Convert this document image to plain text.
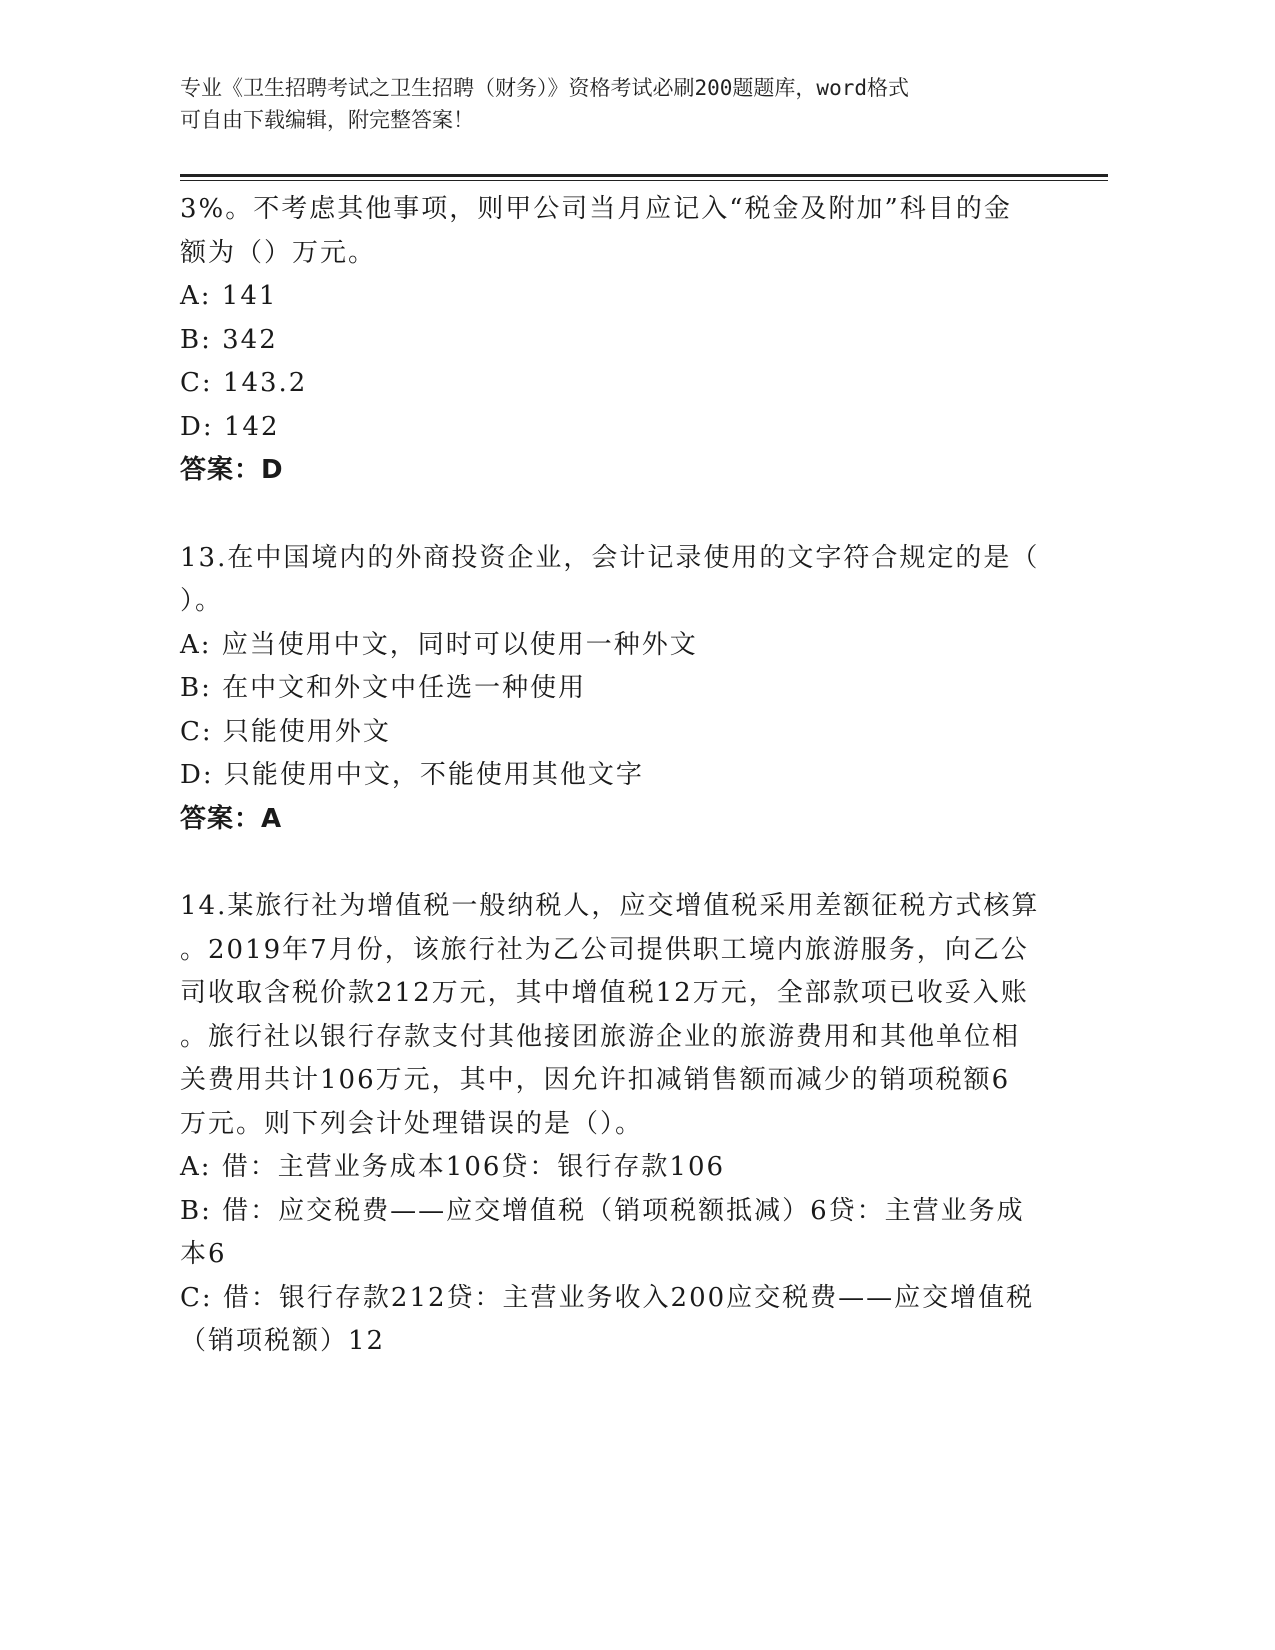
专业《卫生招聘考试之卫生招聘（财务）》资格考试必刷200题题库，word格式
可自由下载编辑，附完整答案！
3%。不考虑其他事项，则甲公司当月应记入“税金及附加”科目的金
额为（）万元。
A: 141
B: 342
C: 143.2
D: 142
答案：D
13.在中国境内的外商投资企业，会计记录使用的文字符合规定的是（
）。
A: 应当使用中文，同时可以使用一种外文
B: 在中文和外文中任选一种使用
C: 只能使用外文
D: 只能使用中文，不能使用其他文字
答案：A
14.某旅行社为增值税一般纳税人，应交增值税采用差额征税方式核算
。2019年7月份，该旅行社为乙公司提供职工境内旅游服务，向乙公
司收取含税价款212万元，其中增值税12万元，全部款项已收妥入账
。旅行社以银行存款支付其他接团旅游企业的旅游费用和其他单位相
关费用共计106万元，其中，因允许扣减销售额而减少的销项税额6
万元。则下列会计处理错误的是（）。
A: 借：主营业务成本106贷：银行存款106
B: 借：应交税费——应交增值税（销项税额抵减）6贷：主营业务成
本6
C: 借：银行存款212贷：主营业务收入200应交税费——应交增值税
（销项税额）12
